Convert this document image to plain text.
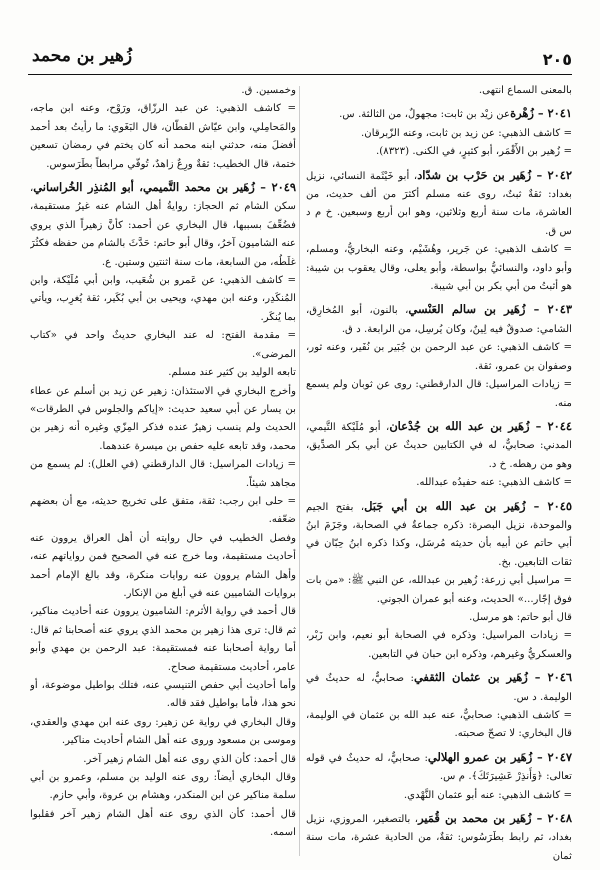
٢٠٥
زُهير بن محمد

بالمعنى السماع انتهى.

٢٠٤١ – زُهْرةعن زيْد بن ثابت: مجهولٌ، من الثالثة. س.

= كاشف الذهبي: عن زيد بن ثابت، وعنه الزّبرقان.

= زُهير بن الأَقْمَر، أبو كثيرٍ، في الكنى. (٨٣٢٣).

٢٠٤٢ – زُهَير بن حَرْب بن شدّاد، أبو خَيْثَمة النسائي، نزيل بغداد: ثقةٌ ثبتٌ، روى عنه مسلم أكثرَ من ألف حديث، من العاشرة، مات سنة أربع وثلاثين، وهو ابن أربع وسبعين. خ م د س ق.

= كاشف الذهبي: عن جَرير، وهُشَيْم، وعنه البخاريُّ، ومسلم، وأبو داود، والنسائيُّ بواسطة، وأبو يعلى، وقال يعقوب بن شيبة: هو أثبتُ من أبي بكر بن أبي شيبة.

٢٠٤٣ – زُهَير بن سالم العَنْسي، بالنون، أبو المُخارِق، الشامي: صدوقٌ فيه لِينٌ، وكان يُرسِل، من الرابعة. د ق.

= كاشف الذهبي: عن عبد الرحمن بن جُبَير بن نُفَير، وعنه ثور، وصفوان بن عمرو، ثقة.

= زيادات المراسيل: قال الدارقطني: روى عن ثوبان ولم يسمع منه.

٢٠٤٤ – زُهَير بن عبد الله بن جُدْعان، أبو مُلَيْكة التَّيمي، المدني: صحابيٌّ، له في الكتابين حديثٌ عن أبي بكر الصدِّيق، وهو من رهطه. خ د.

= كاشف الذهبي: عنه حفيدُه عبدالله.

٢٠٤٥ – زُهَير بن عبد الله بن أبي جَبَل، بفتح الجيم والموحدة، نزيل البصرة: ذكره جماعةٌ في الصحابة، وجَزَمَ ابنُ أبي حاتم عن أبيه بأن حديثه مُرسَل، وكذا ذكره ابنُ حِبّان في ثقات التابعين. بخ.

= مراسيل أبي زرعة: زُهير بن عبدالله، عن النبي ﷺ: «من بات فوق إجّار...» الحديث، وعنه أبو عمران الجوني.

قال أبو حاتم: هو مرسل.

= زيادات المراسيل: وذكره في الصحابة أبو نعيم، وابن زَبْر، والعسكريُّ وغيرهم، وذكره ابن حبان في التابعين.

٢٠٤٦ – زُهَير بن عثمان الثقفي: صحابيٌّ، له حديثٌ في الوليمة. د س.

= كاشف الذهبي: صحابيٌّ، عنه عبد الله بن عثمان في الوليمة، قال البخاري: لا تصحّ صحبته.

٢٠٤٧ – زُهَير بن عمرو الهلالي: صحابيٌّ، له حديثٌ في قوله تعالى: ﴿وَأَنذِرْ عَشِيرَتَكَ﴾. م س.

= كاشف الذهبي: عنه أبو عثمان النَّهْدي.

٢٠٤٨ – زُهَير بن محمد بن قُمَير، بالتصغير، المروزي، نزيل بغداد، ثم رابط بطَرَسُوس: ثقةٌ، من الحادية عشرة، مات سنة ثمان

وخمسين. ق.

= كاشف الذهبي: عن عبد الرزّاق، ورَوْح، وعنه ابن ماجه، والمَحامِلي، وابن عيّاش القطّان، قال البَغَوي: ما رأيتُ بعد أحمد أفضلَ منه، حدثني ابنه محمد أنه كان يختم في رمضان تسعين ختمة، قال الخطيب: ثقةٌ ورِعٌ زاهدٌ، تُوفّي مرابطاً بطَرَسوس.

٢٠٤٩ – زُهَير بن محمد التَّميمي، أبو المُنذِر الخُراساني، سكن الشام ثم الحجاز: روايةُ أهل الشام عنه غيرُ مستقيمة، فضُعِّفَ بسببها، قال البخاري عن أحمد: كأنَّ زهيراً الذي يروي عنه الشاميون آخرُ، وقال أبو حاتم: حَدَّثَ بالشام من حفظه فكثُرَ غلَطُه، من السابعة، مات سنة اثنتين وستين. ع.

= كاشف الذهبي: عن عَمرو بن شُعَيب، وابن أبي مُلَيْكة، وابن المُنكَدِر، وعنه ابن مهدي، ويحيى بن أبي بُكَير، ثقة يُغرِب، ويأتي بما يُنكَر.

= مقدمة الفتح: له عند البخاري حديثٌ واحد في «كتاب المرضى».

تابعه الوليد بن كثير عند مسلم.

وأخرج البخاري في الاستئذان: زهير عن زيد بن أسلم عن عطاء بن يسار عن أبي سعيد حديث: «إياكم والجلوس في الطرقات» الحديث ولم ينسب زهيرٌ عنده فذكر المِزّي وغيره أنه زهير بن محمد، وقد تابعه عليه حفص بن ميسرة عندهما.

= زيادات المراسيل: قال الدارقطني (في العلل): لم يسمع من مجاهد شيئاً.

= حلى ابن رجب: ثقة، متفق على تخريج حديثه، مع أن بعضهم ضعّفه.

وفصل الخطيب في حال روايته أن أهل العراق يروون عنه أحاديث مستقيمة، وما خرج عنه في الصحيح فمن رواياتهم عنه، وأهل الشام يروون عنه روايات منكرة، وقد بالغ الإمام أحمد بروايات الشاميين عنه في أبلغ من الإنكار.

قال أحمد في رواية الأثرم: الشاميون يروون عنه أحاديث مناكير، ثم قال: ترى هذا زهير بن محمد الذي يروي عنه أصحابنا ثم قال: أما رواية أصحابنا عنه فمستقيمة: عبد الرحمن بن مهدي وأبو عامر، أحاديث مستقيمة صحاح.

وأما أحاديث أبي حفص التنيسي عنه، فتلك بواطيل موضوعة، أو نحو هذا، فأما بواطيل فقد قاله.

وقال البخاري في رواية عن زهير: روى عنه ابن مهدي والعقدي، وموسى بن مسعود وروى عنه أهل الشام أحاديث مناكير.

قال أحمد: كأن الذي روى عنه أهل الشام زهير آخر.

وقال البخاري أيضاً: روى عنه الوليد بن مسلم، وعمرو بن أبي سلمة مناكير عن ابن المنكدر، وهشام بن عروة، وأبي حازم.

قال أحمد: كأن الذي روى عنه أهل الشام زهير آخر فقلبوا اسمه.
